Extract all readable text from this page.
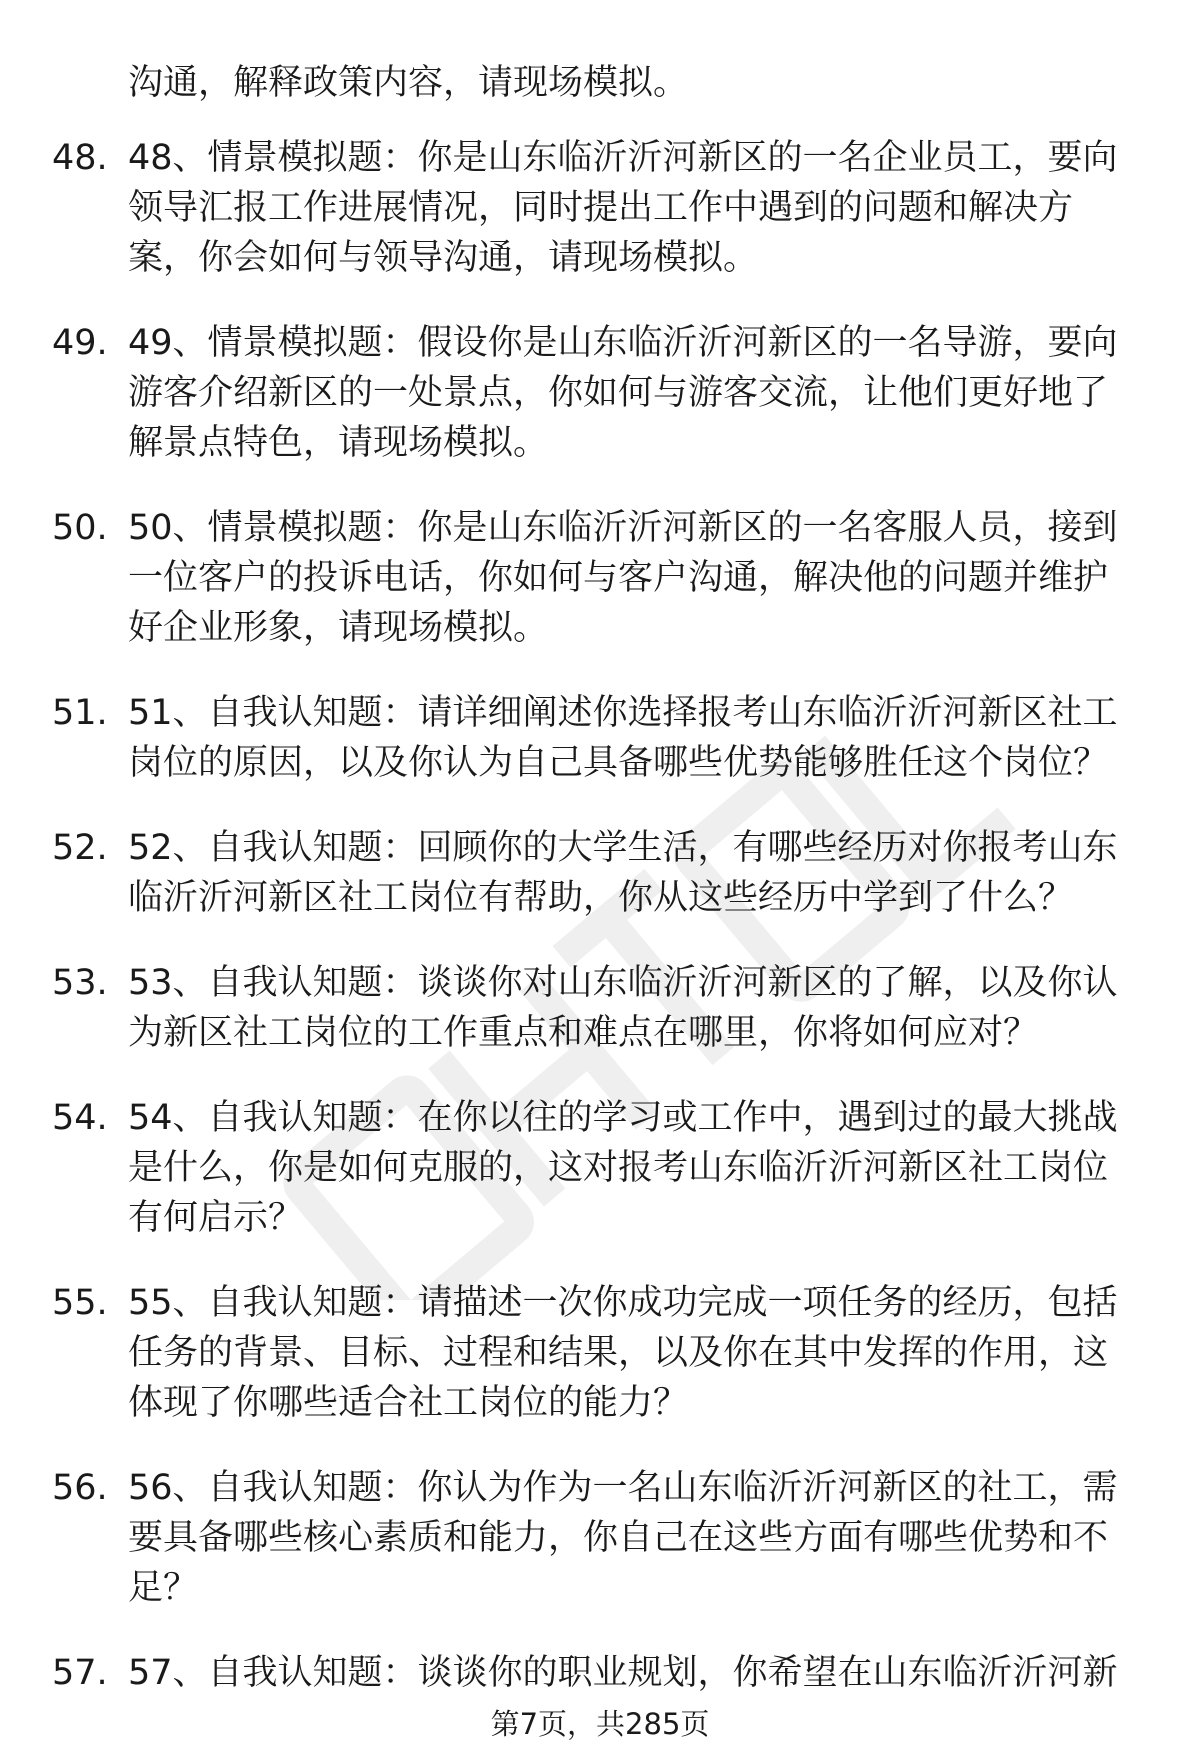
沟通，解释政策内容，请现场模拟。
48. 48、情景模拟题：你是山东临沂沂河新区的一名企业员工，要向
领导汇报工作进展情况，同时提出工作中遇到的问题和解决方
案，你会如何与领导沟通，请现场模拟。
49. 49、情景模拟题：假设你是山东临沂沂河新区的一名导游，要向
游客介绍新区的一处景点，你如何与游客交流，让他们更好地了
解景点特色，请现场模拟。
50. 50、情景模拟题：你是山东临沂沂河新区的一名客服人员，接到
一位客户的投诉电话，你如何与客户沟通，解决他的问题并维护
好企业形象，请现场模拟。
51. 51、自我认知题：请详细阐述你选择报考山东临沂沂河新区社工
岗位的原因，以及你认为自己具备哪些优势能够胜任这个岗位？
52. 52、自我认知题：回顾你的大学生活，有哪些经历对你报考山东
临沂沂河新区社工岗位有帮助，你从这些经历中学到了什么？
53. 53、自我认知题：谈谈你对山东临沂沂河新区的了解，以及你认
为新区社工岗位的工作重点和难点在哪里，你将如何应对？
54. 54、自我认知题：在你以往的学习或工作中，遇到过的最大挑战
是什么，你是如何克服的，这对报考山东临沂沂河新区社工岗位
有何启示？
55. 55、自我认知题：请描述一次你成功完成一项任务的经历，包括
任务的背景、目标、过程和结果，以及你在其中发挥的作用，这
体现了你哪些适合社工岗位的能力？
56. 56、自我认知题：你认为作为一名山东临沂沂河新区的社工，需
要具备哪些核心素质和能力，你自己在这些方面有哪些优势和不
足？
57. 57、自我认知题：谈谈你的职业规划，你希望在山东临沂沂河新
第7页，共285页
